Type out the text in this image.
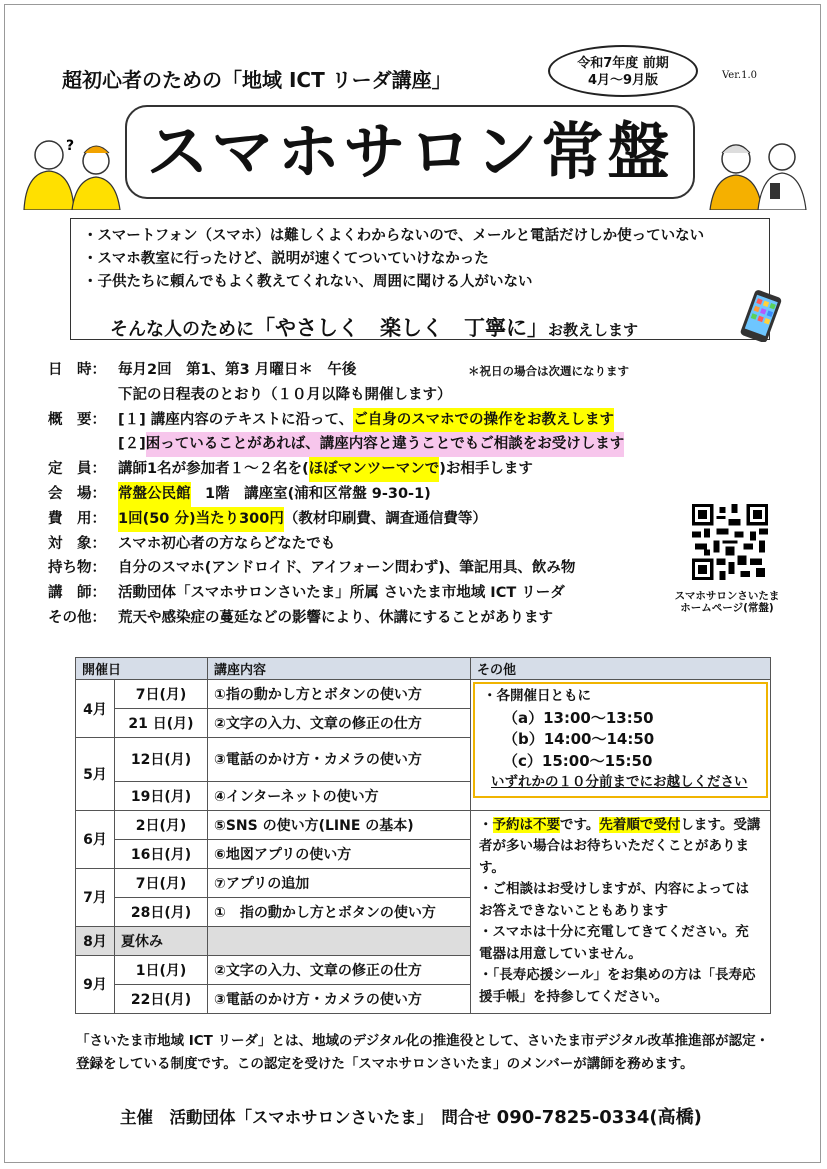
超初心者のための「地域 ICT リーダ講座」
令和7年度 前期
4月～9月版	Ver.1.0
スマホサロン常盤
?
・スマートフォン（スマホ）は難しくよくわからないので、メールと電話だけしか使っていない
・スマホ教室に行ったけど、説明が速くてついていけなかった
・子供たちに頼んでもよく教えてくれない、周囲に聞ける人がいない
そんな人のために「やさしく　楽しく　丁寧に」お教えします
＊祝日の場合は次週になります
日　時： 毎月2回　第1、第3 月曜日＊　午後
下記の日程表のとおり（１０月以降も開催します）
概　要： [１] 講座内容のテキストに沿って、 ご自身のスマホでの操作をお教えします
[２] 困っていることがあれば、講座内容と違うことでもご相談をお受けします
定　員： 講師1名が参加者１～２名を( ほぼマンツーマンで )お相手します
会　場： 常盤公民館 　1階　講座室(浦和区常盤 9-30-1)
費　用： 1回(50 分)当たり300円 （教材印刷費、調査通信費等）
対　象： スマホ初心者の方ならどなたでも
持ち物： 自分のスマホ(アンドロイド、アイフォーン問わず)、筆記用具、飲み物
講　師： 活動団体「スマホサロンさいたま」所属 さいたま市地域 ICT リーダ
その他： 荒天や感染症の蔓延などの影響により、休講にすることがあります
スマホサロンさいたま
ホームページ(常盤)
開催日		講座内容	その他
4月	7日(月)	①指の動かし方とボタンの使い方	・各開催日ともに
（a）13:00～13:50
（b）14:00～14:50
（c）15:00～15:50
いずれかの１０分前までにお越しください

	21 日(月)	②文字の入力、文章の修正の仕方	
5月	12日(月)	③電話のかけ方・カメラの使い方	
	19日(月)	④インターネットの使い方	
6月	2日(月)	⑤SNS の使い方(LINE の基本)	・予約は不要です。先着順で受付します。受講者が多い場合はお待ちいただくことがあります。
・ご相談はお受けしますが、内容によってはお答えできないこともあります
・スマホは十分に充電してきてください。充電器は用意していません。
・「長寿応援シール」をお集めの方は「長寿応援手帳」を持参してください。

	16日(月)	⑥地図アプリの使い方	
7月	7日(月)	⑦アプリの追加	
	28日(月)	①　指の動かし方とボタンの使い方	
8月	夏休み		
9月	1日(月)	②文字の入力、文章の修正の仕方	
	22日(月)	③電話のかけ方・カメラの使い方	
「さいたま市地域 ICT リーダ」とは、地域のデジタル化の推進役として、さいたま市デジタル改革推進部が認定・登録をしている制度です。この認定を受けた「スマホサロンさいたま」のメンバーが講師を務めます。
主催　活動団体「スマホサロンさいたま」　問合せ 090-7825-0334(高橋)
